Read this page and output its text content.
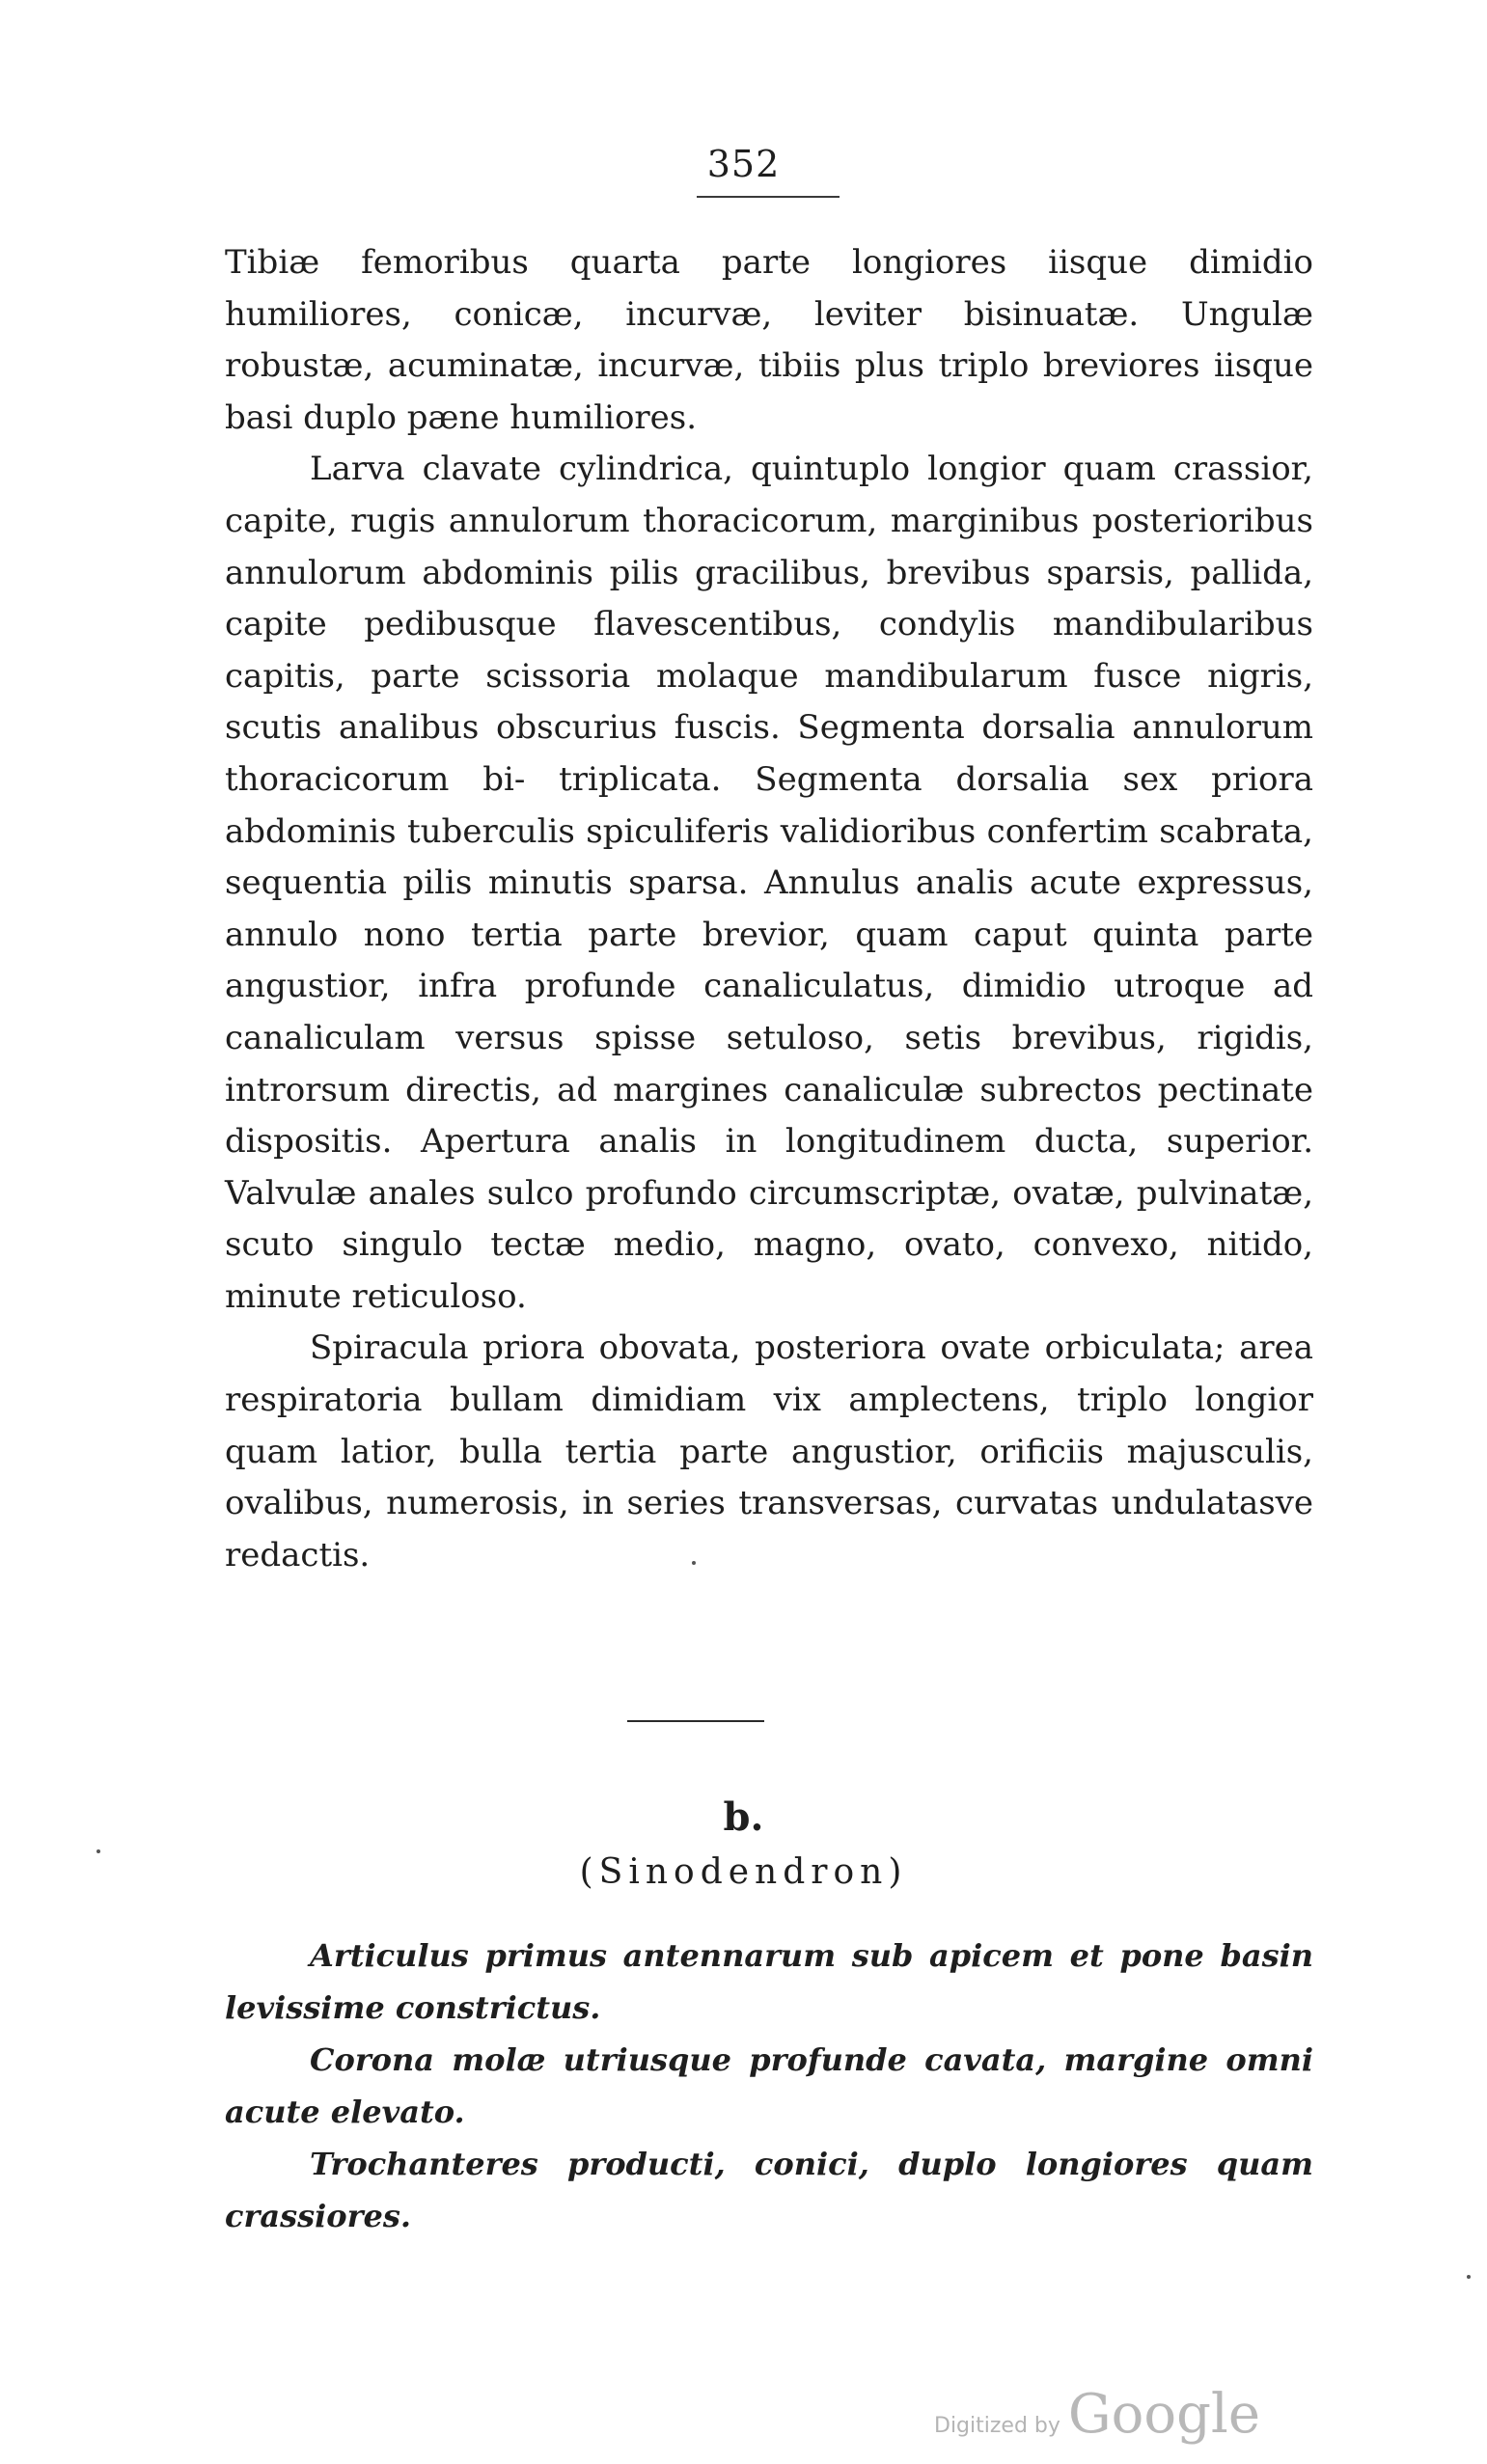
352

Tibiæ femoribus quarta parte longiores iisque dimidio humiliores, conicæ, incurvæ, leviter bisinuatæ. Ungulæ robustæ, acuminatæ, incurvæ, tibiis plus triplo breviores iisque basi duplo pæne humiliores.

Larva clavate cylindrica, quintuplo longior quam crassior, capite, rugis annulorum thoracicorum, marginibus posterioribus annulorum abdominis pilis gracilibus, brevibus sparsis, pallida, capite pedibusque flavescentibus, condylis mandibularibus capitis, parte scissoria molaque mandibularum fusce nigris, scutis analibus obscurius fuscis. Segmenta dorsalia annulorum thoracicorum bi- triplicata. Segmenta dorsalia sex priora abdominis tuberculis spiculiferis validioribus confertim scabrata, sequentia pilis minutis sparsa. Annulus analis acute expressus, annulo nono tertia parte brevior, quam caput quinta parte angustior, infra profunde canaliculatus, dimidio utroque ad canaliculam versus spisse setuloso, setis brevibus, rigidis, introrsum directis, ad margines canaliculæ subrectos pectinate dispositis. Apertura analis in longitudinem ducta, superior. Valvulæ anales sulco profundo circumscriptæ, ovatæ, pulvinatæ, scuto singulo tectæ medio, magno, ovato, convexo, nitido, minute reticuloso.

Spiracula priora obovata, posteriora ovate orbiculata; area respiratoria bullam dimidiam vix amplectens, triplo longior quam latior, bulla tertia parte angustior, orificiis majusculis, ovalibus, numerosis, in series transversas, curvatas undulatasve redactis.

b.
(Sinodendron)

Articulus primus antennarum sub apicem et pone basin levissime constrictus.

Corona molæ utriusque profunde cavata, margine omni acute elevato.

Trochanteres producti, conici, duplo longiores quam crassiores.

Digitized by Google
